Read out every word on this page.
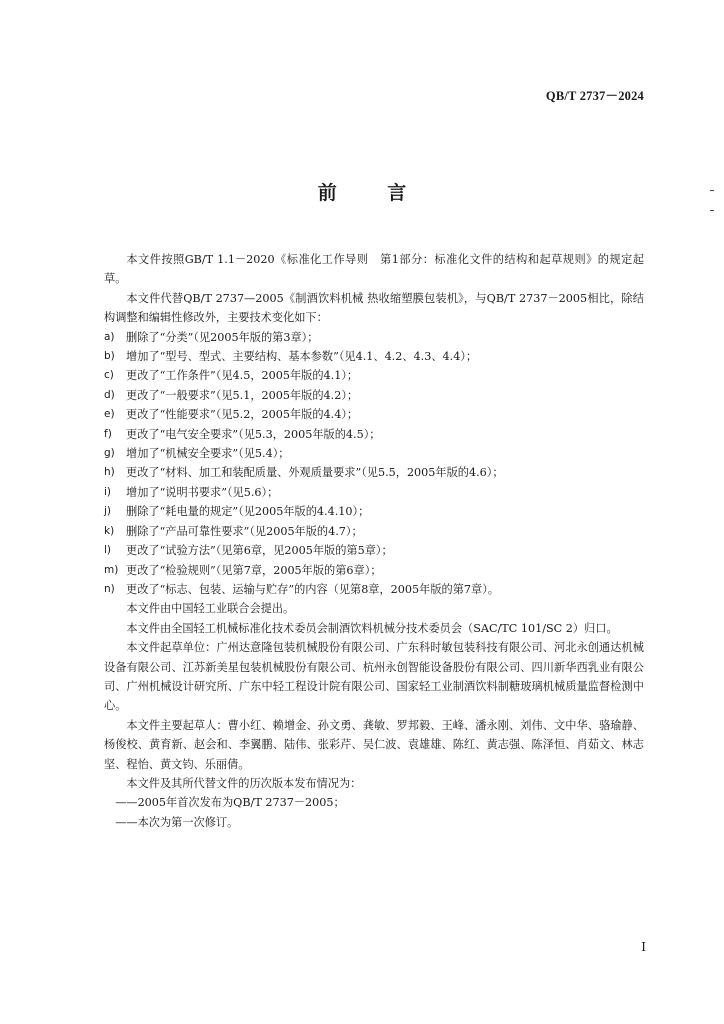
QB/T 2737－2024
前 言

本文件按照GB/T 1.1－2020《标准化工作导则　第1部分：标准化文件的结构和起草规则》的规定起草。

本文件代替QB/T 2737—2005《制酒饮料机械 热收缩塑膜包装机》，与QB/T 2737－2005相比，除结构调整和编辑性修改外，主要技术变化如下：

a)	删除了“分类”（见2005年版的第3章）；

b)	增加了“型号、型式、主要结构、基本参数”（见4.1、4.2、4.3、4.4）；

c)	更改了“工作条件”（见4.5，2005年版的4.1）；

d)	更改了“一般要求”（见5.1，2005年版的4.2）；

e)	更改了“性能要求”（见5.2，2005年版的4.4）；

f)	更改了“电气安全要求”（见5.3，2005年版的4.5）；

g)	增加了“机械安全要求”（见5.4）；

h)	更改了“材料、加工和装配质量、外观质量要求”（见5.5，2005年版的4.6）；

i)	增加了“说明书要求”（见5.6）；

j)	删除了“耗电量的规定”（见2005年版的4.4.10）；

k)	删除了“产品可靠性要求”（见2005年版的4.7）；

l)	更改了“试验方法”（见第6章，见2005年版的第5章）；

m) 更改了“检验规则”（见第7章，2005年版的第6章）；

n)	更改了“标志、包装、运输与贮存”的内容（见第8章，2005年版的第7章）。

本文件由中国轻工业联合会提出。

本文件由全国轻工机械标准化技术委员会制酒饮料机械分技术委员会（SAC/TC 101/SC 2）归口。

本文件起草单位：广州达意隆包装机械股份有限公司、广东科时敏包装科技有限公司、河北永创通达机械设备有限公司、江苏新美星包装机械股份有限公司、杭州永创智能设备股份有限公司、四川新华西乳业有限公司、广州机械设计研究所、广东中轻工程设计院有限公司、国家轻工业制酒饮料制糖玻璃机械质量监督检测中心。

本文件主要起草人：曹小红、赖增金、孙文勇、龚敏、罗邦毅、王峰、潘永刚、刘伟、文中华、骆瑜静、杨俊校、黄育新、赵会和、李翼鹏、陆伟、张彩芹、吴仁波、袁雄雄、陈红、黄志强、陈泽恒、肖茹文、林志坚、程怡、黄文钧、乐丽倩。

本文件及其所代替文件的历次版本发布情况为：

——2005年首次发布为QB/T 2737－2005；

——本次为第一次修订。

I
